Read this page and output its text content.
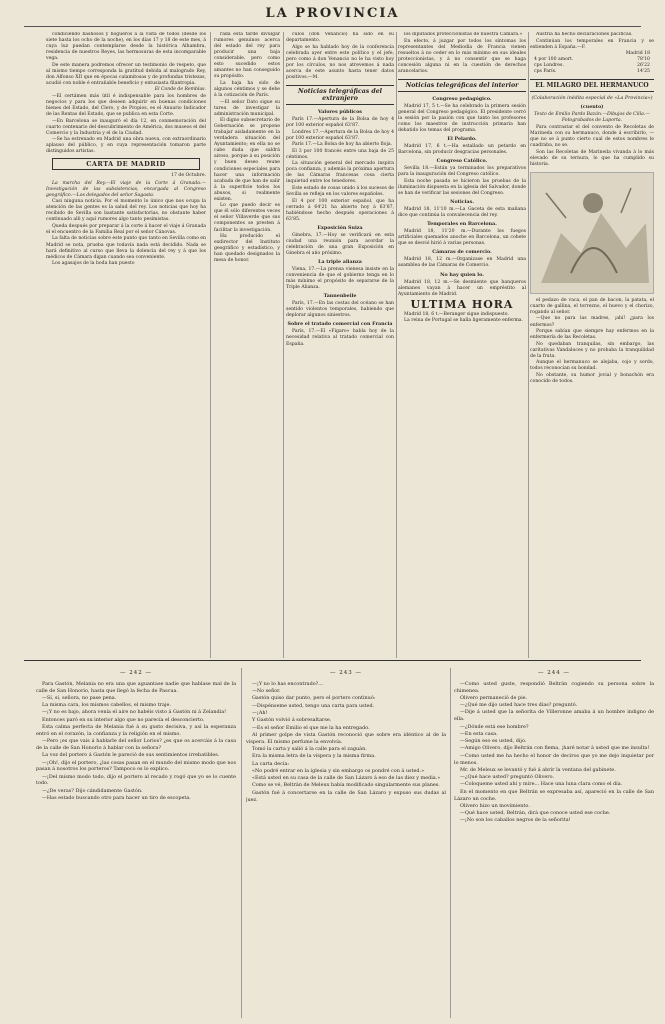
LA PROVINCIA

condiciendo bashosos y hogueros á la vista de todos (desde los siete hasta los ocho de la noche), en los días 17 y 18 de este mes, á cuya luz puedan contemplarse desde la histórica Alhambra, residencia de nuestros Reyes, las hermosuras de esta incomparable vega.

De este manera podremos ofrecer un testimonio de respeto, que al mismo tiempo corresponda la gratitud debida al malogrado Rey, don Alfonso XII que en épocas calamitosas y de profundas tristezas, acudió con noble é entrañable beneficio y entusiasta filantropia.

El Conde de Remblas.

—El certámen más útil é indispensable para los hombres de negocios y para los que deseen adquirir en buenas condiciones bienes del Estado, del Clero, y de Propios, es el Anuario Indicador de las Rentas del Estado, que se publica en esta Corte.

—En Barcelona se inauguró el día 12, en conmemoración del cuarto centenario del descubrimiento de América, dos museos el del Comercio y la Industria y el de la Ciudad.

—Se ha estrenado en Madrid una obra nueva, con extraordinario aplauso del público, y en cuya representación tomaron parte distinguidos artistas.

CARTA DE MADRID

17 de Octubre.

La marcha del Rey.—El viaje de la Corte á Granada.—Investigación de las subsistencias, encargada al Congreso geográfico.—Los delegados del señor Sagasta.

Casi ninguna noticia. Por el momento lo único que nos ocupa la atención de las gentes es la salud del rey. Los noticias que hoy ha recibido de Sevilla son bastante satisfactorias, no obstante haber continuado alli y aquí rumores algo tanto pesimistas.

Queda después por preparar á la corte á hacer el viaje á Granada el el encuentro de la Familia Real por el señor Cánovas.

La falta de noticias sobre este punto que tanto en Sevilla como en Madrid se nota, prueba que todavía nada está decidido. Nada se hará definitivo al curso que lleva la dolencia del rey y á que los médicos de Cámara digan cuando sea conveniente.

Los agasajos de la boda han puesto

rada esta tarde divulgar rumores genuinos acerca del estado del rey para producir una baja considerable, pero como esto sucedido estos amantes no han conseguido su propósito.

La baja ha sido de algunos céntimos y se debe á la cotización de París.

—El señor Dato sigue su tarea de investigar la administración municipal.

El digno subsecretario de Gobernación se propone trabajar aisladamente en la verdadera situación del Ayuntamiento; en ella no se cabe duda que saldrá airoso, porque á su posición y buen deseo reune condiciones especiales para hacer una información acabada de que han de salir á la superficie todos los abusos, si realmente existen.

Lo que puedo decir es que él sólo diferentes veces el señor Villaverde que sus componentes se presten á facilitar la investigación.

Ha producido el exdirector del Instituto geográfico y estadístico, y han quedado designados la mesa de honor.

culos (don Venancio) ha sido en su departamento.

Algo se ha hablado hoy de la conferencia celebrada ayer entre este político y el jefe, pero como á don Venancio no le ha visto hoy por los círculos, no nos atrevemos á nada acerca de este asunto hasta tener datos positivos.—M.

Noticias telegráficas del extranjero
Valores públicos

París 17.—Apertura de la Bolsa de hoy 4 por 100 exterior español 63'87.

Londres 17.—Apertura de la Bolsa de hoy 4 por 100 exterior español 63'87.

París 17.—La Bolsa de hoy ha abierto floja.

El 3 por 100 francés entre una baja de 25 céntimos.

La situación general del mercado inspira poca confianza, y además la próxima apertura de las Cámaras francesas cosa cierta inquietud entre los tenedores.

Este estado de cosas unido á los sucesos de Sevilla se refleja en los valores españoles.

El 4 por 100 exterior español, que ha cerrado á 64'21 ha abierto hoy á 63'87, habiéndose hecho después operaciones á 63'85.

Exposición Suiza

Ginebra, 17.—Hoy se verificará en esta ciudad una reunión para acordar la celebración de una gran Exposición en Ginebra el año próximo.

La triple alianza

Viena, 17.—La prensa vienesa insiste en la conveniencia de que el gobierno tenga en lo más mínimo el propósito de separarse de la Triple Alianza.

Tannenbeile

París, 17.—En las costas del océano se han sentido violentos temporales, habiendo que deplorar algunos siniestros.

Sobre el tratado comercial con Francia

París, 17.—El «Figaro» habla hoy de la necesidad relativa al tratado comercial con España.

los diputados proteccionistas de nuestra Cámara.»

En efecto, á juzgar por todos los síntomas los representantes del Mediodía de Francia vienen resueltos á no ceder en lo más mínimo en sus ideales proteccionistas, y á no consentir que se haga concesión alguna ni en la cuestión de derechos arancelarios.

Noticias telegráficas del interior
Congreso pedagógico.

Madrid 17, 5 t.—Se ha celebrado la primera sesión general del Congreso pedagógico. El presidente cerró la sesión por la pasión con que tanto los profesores como los maestros de instrucción primaria han debatido los temas del programa.

El Pelardo.

Madrid 17, 6 t.—Ha estallado un petardo en Barcelona, sin producir desgracias personales.

Congreso Católico.

Sevilla 18.—Están ya terminados los preparativos para la inauguración del Congreso católico.

Esta noche pasada se hicieron las pruebas de la iluminación dispuesta en la iglesia del Salvador, donde se han de verificar las sesiones del Congreso.

Noticias.

Madrid 18, 11'10 m.—La Gaceta de esta mañana dice que continúa la convalecencia del rey.

Temporales en Barcelona.

Madrid 18, 11'20 m.—Durante los fuegos artificiales quemados anoche en Barcelona, un cohete que se desvió hirió á varias personas.

Cámaras de comercio.

Madrid 18, 12 m.—Organizase en Madrid una asamblea de las Cámaras de Comercio.

No hay quien lo.

Madrid 18, 12 m.—Se desmiente que banqueros alemanes vayan á hacer un empréstito al Ayuntamiento de Madrid.

ULTIMA HORA

Madrid 18, 6 t.—Beranger sigue indispuesto.

La reina de Portugal se halla ligeramente enferma.

Austria ha hecho declaraciones pacíficas.

Continúan los temporales en Francia y se extienden á España.—F.

Madrid 18
4 por 100 amort.	78'10
cps Londres.	26'22
cps París.	14'25
EL MILAGRO DEL HERMANUCO
(Colaboración inédita especial de «La Provincia»)
(cuento)

Texto de Emilio Pardo Bazán.—Dibujos de Cilla.—Fotograbados de Laporta.

Para contrastar el del convento de Recoletas de Marineda con su hermanuco, donde á escribirlo, —que no se á punto cierto cual de estos nombres le cuadraba, no se.

Son las Recoletas de Marineda vivanda á lo más elevado de su ternura, lo que ha cumplido su historia.

el pedazo de vaca, el pan de bacon, la patata, el cuarto de gallina, el torrezno, el huevo y el chorizo, rogando al señor.

—Que no para las madres, ¡ahí! ¿para los enfermos?

Porque sabían que siempre hay enfermos en la enfermería de las Recoletas.

No quedaban tranquilas, sin embargo, las caritativas Vandaluces y no probaba la tranquilidad de la fruta.

Aunque el hermanuco se alejaba, cojo y sordo, todos reconocían su bondad.

No obstante, su humor jovial y bonachón era conocido de todos.

— 242 —

Para Gastón, Melania no era una que aguantase nadie que hablase mal de la calle de San Honorio, hasta que llegó la fecha de Pascua.

—Sí, sí, señora, no pase pena.

La misma cara, los mismos cabellos, el mismo traje.

—¡Y no es bajo, ahora venía el aire no habéis visto á Gastón ni á Zelandia!

Entonces paró en su interior algo que no parecía el desconcierto.

Esta calma perfecta de Melania fué á su gusto decisiva, y así la esperanza entró en el corazón, la confianza y la religión en el mismo.

—Pero ¡es que vais á hablarle del señor Lorios? ¿es que os acercáis á la casa de la calle de San Honorio á hablar con la señora?

La voz del portero á Gastón le pareció de sus sentimientos irrebatibles.

—¡Oh!, dijo el portero, ¿las cosas pasan en el mundo del mismo modo que nos pasan á nosotros los porteros? Tampoco os lo explico.

—¡Del mismo modo todo, dijo el portero al recado y rogó que yo se lo cuente todo.

—¿De veras? Dijo cándidamente Gastón.

—Has estado buscando otro para hacer un tiro de escopeta.

— 243 —

—¡Y no lo has encontrado?...

—No señor.

Gastón quiso dar punto, pero el portero continuó:

—Dispénseme usted, tengo una carta para usted.

—¡Ah!

Y Gastón volvió á sobresaltarse.

—Es el señor Emilio el que me la ha entregado.

Al primer golpe de vista Gastón reconoció que sobre era idéntico al de la víspera. El mismo perfume la envolvía.

Tomó la carta y salió á la calle para el zaguán.

Era la misma letra de la víspera y la misma firma.

La carta decía:

«No podré entrar en la iglesia y sin embargo os pondré con á usted.»

«Está usted en su casa de la calle de San Lázaro á eso de las diez y media.»

Como se vé, Beltrán de Meleux había modificado singularmente sus planes.

Gastón fué á concertarse en la calle de San Lázaro y expuso sus dudas al juez.

— 244 —

—Como usted guste, respondió Beltrán cogiendo su persona sobre la chimenea.

Olivero permaneció de pie.

—¿Qué me dijo usted hace tres días? preguntó.

—Dije á usted que la señorita de Villeronne amaba á un hombre indigno de ella.

—¿Dónde está ese hombre?

—En esta casa.

—Según eso es usted, dijo.

—Amigo Olivero, dijo Beltrán con flema, ¡haré notar á usted que me insulta!

—Como usted me ha hecho el honor de deciros que yo me dejo inquietar por lo menos.

Mr. de Meleux se levantó y fué á abrir la ventana del gabinete.

—¿Qué hace usted? preguntó Olivero.

—Coloqueme usted ahí y mire... Hace una luna clara como el día.

En el momento en que Beltrán se expresaba así, apareció en la calle de San Lázaro un coche.

Olivero hizo un movimiento.

—Qué hace usted, Beltrán, dirá que conoce usted ese coche.

—¡No son los caballos negros de la señorita!
